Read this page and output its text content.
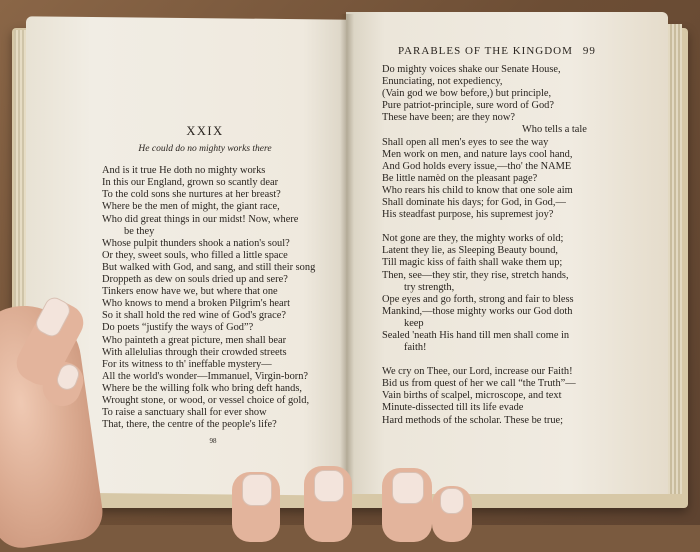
XXIX
He could do no mighty works there
And is it true He doth no mighty works
In this our England, grown so scantly dear
To the cold sons she nurtures at her breast?
Where be the men of might, the giant race,
Who did great things in our midst! Now, where
be they
Whose pulpit thunders shook a nation's soul?
Or they, sweet souls, who filled a little space
But walked with God, and sang, and still their song
Droppeth as dew on souls dried up and sere?
Tinkers enow have we, but where that one
Who knows to mend a broken Pilgrim's heart
So it shall hold the red wine of God's grace?
Do poets “justify the ways of God”?
Who painteth a great picture, men shall bear
With allelulias through their crowded streets
For its witness to th' ineffable mystery—
All the world's wonder—Immanuel, Virgin-born?
Where be the willing folk who bring deft hands,
Wrought stone, or wood, or vessel choice of gold,
To raise a sanctuary shall for ever show
That, there, the centre of the people's life?
98
PARABLES OF THE KINGDOM 99
Do mighty voices shake our Senate House,
Enunciating, not expediency,
(Vain god we bow before,) but principle,
Pure patriot-principle, sure word of God?
These have been; are they now?
Who tells a tale
Shall open all men's eyes to see the way
Men work on men, and nature lays cool hand,
And God holds every issue,—tho' the NAME
Be little namèd on the pleasant page?
Who rears his child to know that one sole aim
Shall dominate his days; for God, in God,—
His steadfast purpose, his supremest joy?
Not gone are they, the mighty works of old;
Latent they lie, as Sleeping Beauty bound,
Till magic kiss of faith shall wake them up;
Then, see—they stir, they rise, stretch hands,
try strength,
Ope eyes and go forth, strong and fair to bless
Mankind,—those mighty works our God doth
keep
Sealed 'neath His hand till men shall come in
faith!
We cry on Thee, our Lord, increase our Faith!
Bid us from quest of her we call “the Truth”—
Vain births of scalpel, microscope, and text
Minute-dissected till its life evade
Hard methods of the scholar. These be true;
